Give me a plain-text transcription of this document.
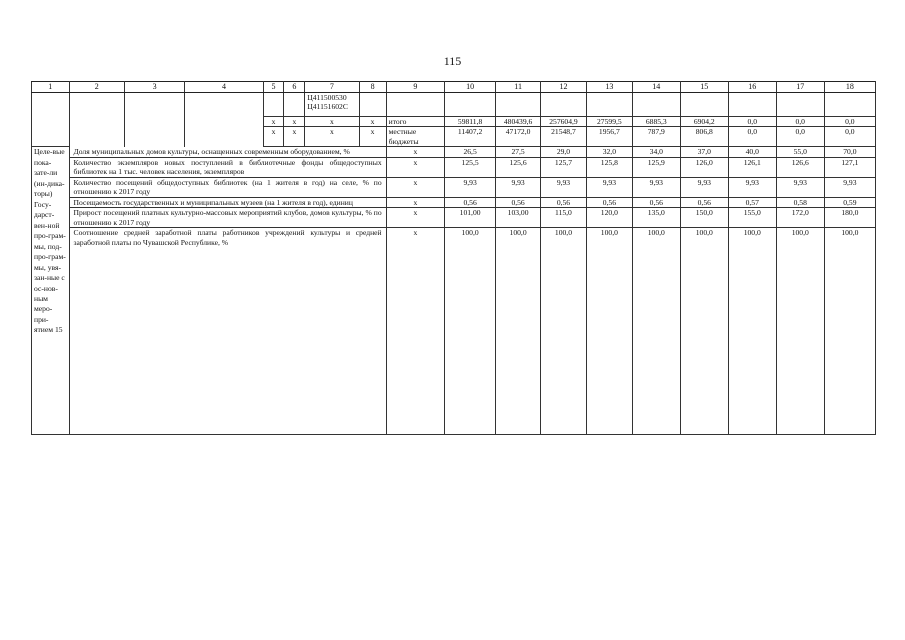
115
1	2	3	4	5	6	7	8	9	10	11	12	13	14	15	16	17	18

						Ц411500530
Ц41151602С											

				x	x	x	x	итого	59811,8	480439,6	257604,9	27599,5	6885,3	6904,2	0,0	0,0	0,0
				x	x	x	x	местные бюджеты	11407,2	47172,0	21548,7	1956,7	787,9	806,8	0,0	0,0	0,0
Целе-вые пока-зате-ли (ин-дика-торы) Госу-дарст-вен-ной про-грам-мы, под-про-грам-мы, увя-зан-ные с ос-нов-ным меро-при-ятием 15	Доля муниципальных домов культуры, оснащенных современным оборудованием, %							x	26,5	27,5	29,0	32,0	34,0	37,0	40,0	55,0	70,0
	Количество экземпляров новых поступлений в библиотечные фонды общедоступных библиотек на 1 тыс. человек населения, экземпляров							x	125,5	125,6	125,7	125,8	125,9	126,0	126,1	126,6	127,1
	Количество посещений общедоступных библиотек (на 1 жителя в год) на селе, % по отношению к 2017 году							x	9,93	9,93	9,93	9,93	9,93	9,93	9,93	9,93	9,93
	Посещаемость государственных и муниципальных музеев (на 1 жителя в год), единиц							x	0,56	0,56	0,56	0,56	0,56	0,56	0,57	0,58	0,59
	Прирост посещений платных культурно-массовых мероприятий клубов, домов культуры, % по отношению к 2017 году							x	101,00	103,00	115,0	120,0	135,0	150,0	155,0	172,0	180,0
	Соотношение средней заработной платы работников учреждений культуры и средней заработной платы по Чувашской Республике, %							x	100,0	100,0	100,0	100,0	100,0	100,0	100,0	100,0	100,0
